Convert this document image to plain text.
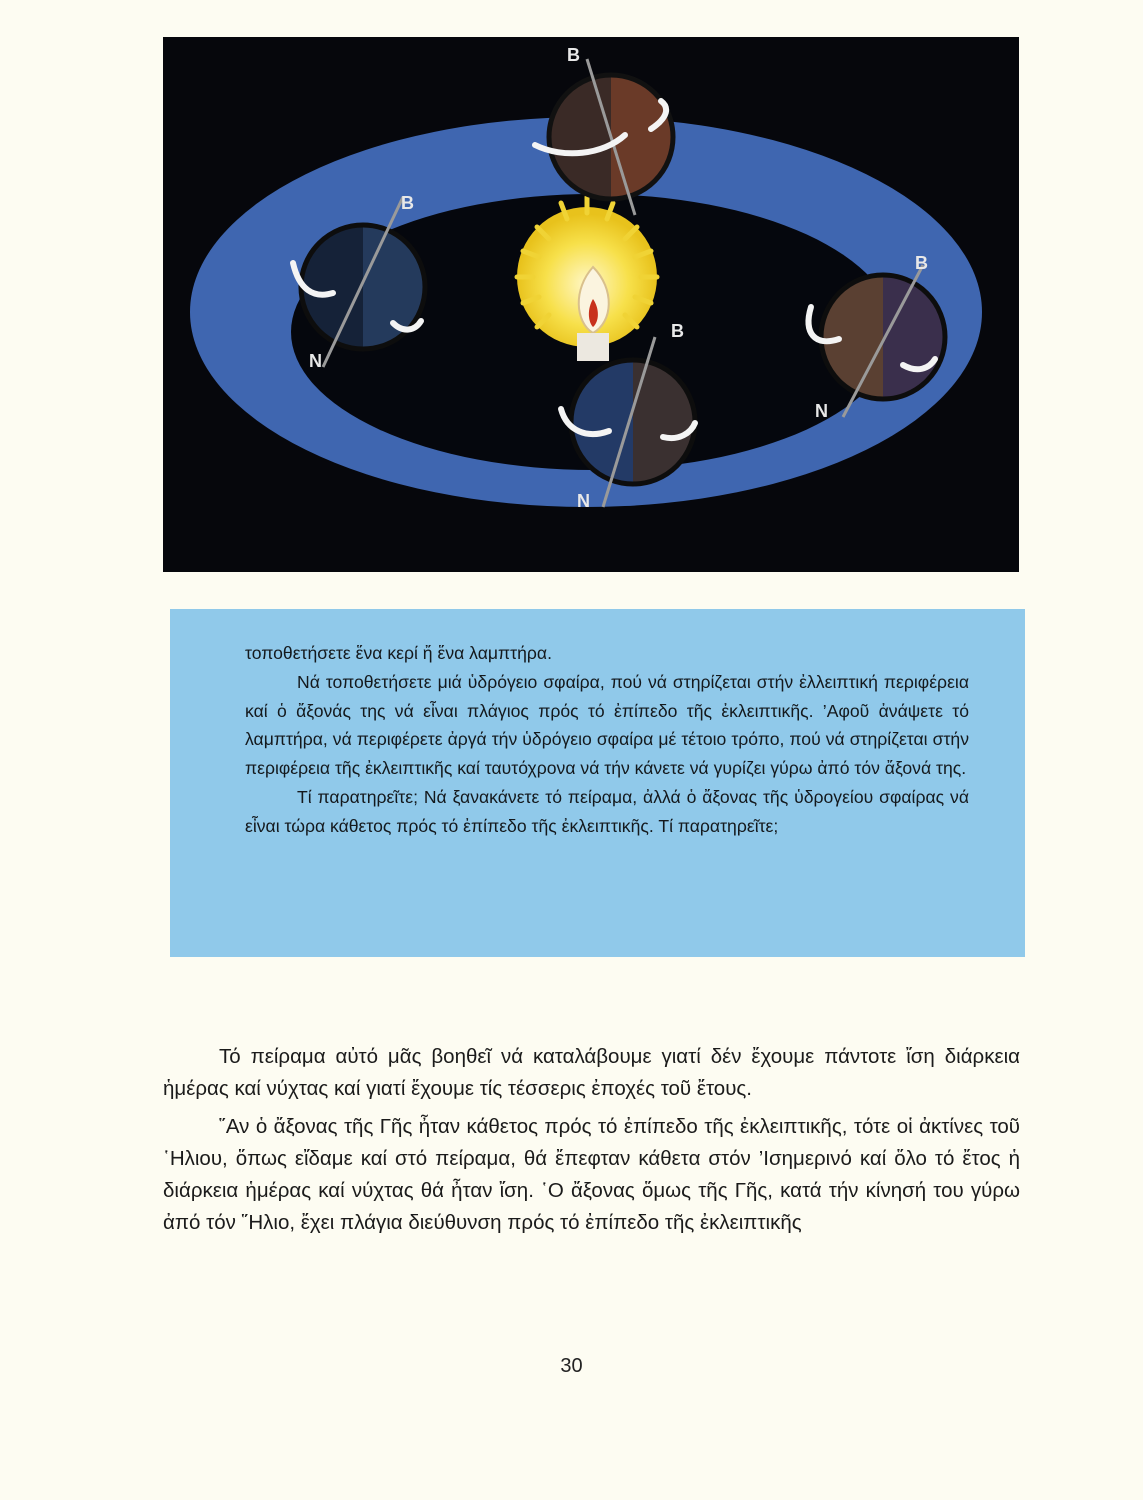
Β
Β
Ν
Β
Ν
Β
Ν

τοποθετήσετε ἕνα κερί ἤ ἕνα λαμπτήρα.

Νά τοποθετήσετε μιά ὑδρόγειο σφαίρα, πού νά στηρίζεται στήν ἐλλειπτική περιφέρεια καί ὁ ἄξονάς της νά εἶναι πλάγιος πρός τό ἐπίπεδο τῆς ἐκλειπτικῆς. ’Αφοῦ ἀνάψετε τό λαμπτήρα, νά περιφέρετε ἀργά τήν ὑδρόγειο σφαίρα μέ τέτοιο τρόπο, πού νά στηρίζεται στήν περιφέρεια τῆς ἐκλειπτικῆς καί ταυτόχρονα νά τήν κάνετε νά γυρίζει γύρω ἀπό τόν ἄξονά της.

Τί παρατηρεῖτε; Νά ξανακάνετε τό πείραμα, ἀλλά ὁ ἄξονας τῆς ὑδρογείου σφαίρας νά εἶναι τώρα κάθετος πρός τό ἐπίπεδο τῆς ἐκλειπτικῆς. Τί παρατηρεῖτε;

Τό πείραμα αὐτό μᾶς βοηθεῖ νά καταλάβουμε γιατί δέν ἔχουμε πάντοτε ἴση διάρκεια ἡμέρας καί νύχτας καί γιατί ἔχουμε τίς τέσσερις ἐποχές τοῦ ἔτους.

῞Αν ὁ ἄξονας τῆς Γῆς ἦταν κάθετος πρός τό ἐπίπεδο τῆς ἐκλειπτικῆς, τότε οἱ ἀκτίνες τοῦ ῾Ηλιου, ὅπως εἴδαμε καί στό πείραμα, θά ἔπεφταν κάθετα στόν ’Ισημερινό καί ὅλο τό ἔτος ἡ διάρκεια ἡμέρας καί νύχτας θά ἦταν ἴση. ῾Ο ἄξονας ὅμως τῆς Γῆς, κατά τήν κίνησή του γύρω ἀπό τόν ῞Ηλιο, ἔχει πλάγια διεύθυνση πρός τό ἐπίπεδο τῆς ἐκλειπτικῆς

30
